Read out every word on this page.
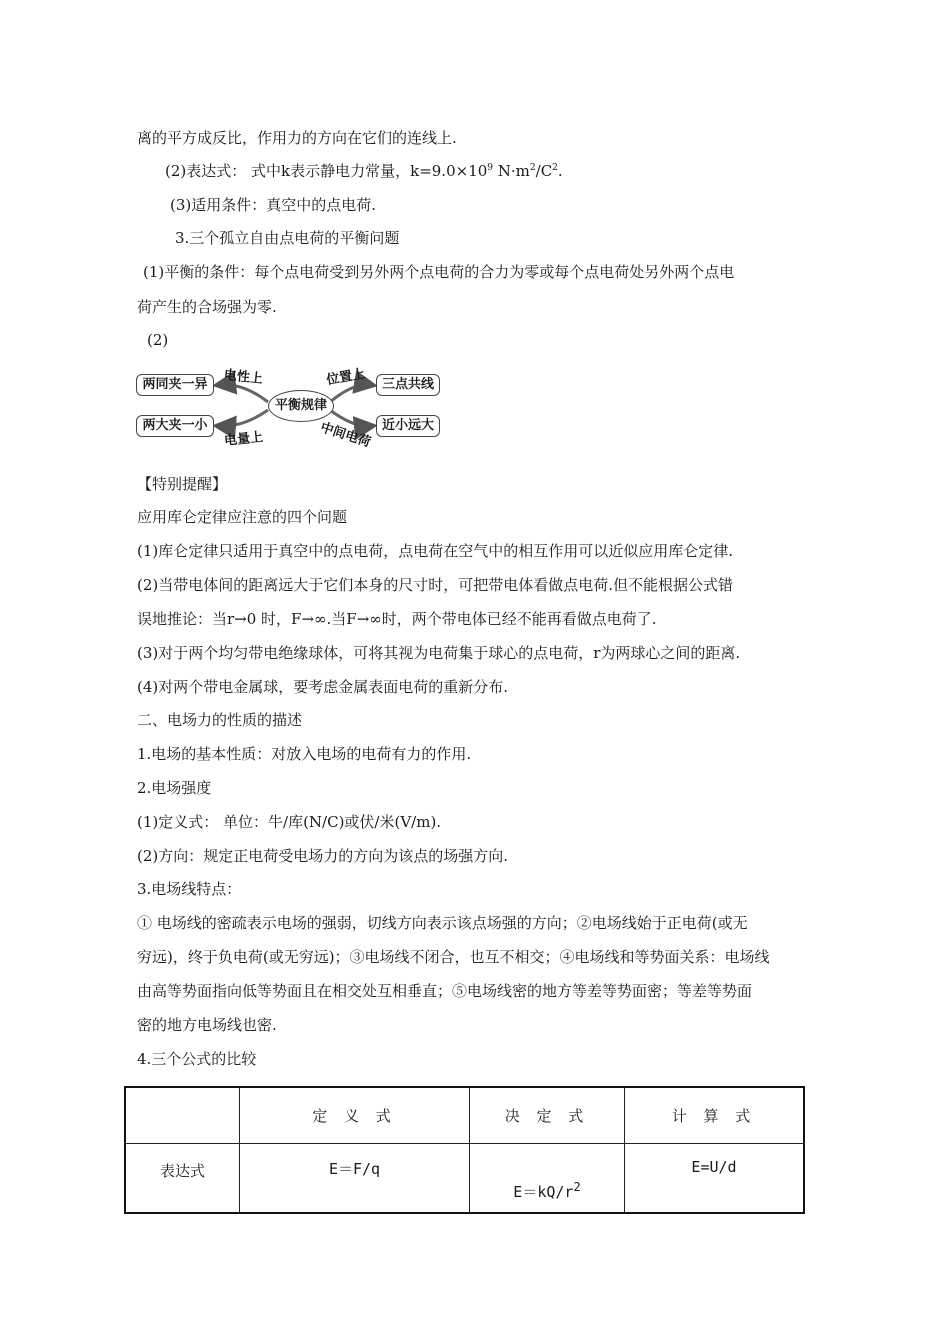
离的平方成反比，作用力的方向在它们的连线上.
(2)表达式： 式中k表示静电力常量，$k=9.0\times 10^9$ $N\cdot m^2/C^2$.
(3)适用条件：真空中的点电荷.
3.三个孤立自由点电荷的平衡问题
(1)平衡的条件：每个点电荷受到另外两个点电荷的合力为零或每个点电荷处另外两个点电
荷产生的合场强为零.
(2)
两同夹一异
两大夹一小
平衡规律
三点共线
近小远大
电性上
电量上
位置上
中间电荷
【特别提醒】
应用库仑定律应注意的四个问题
(1)库仑定律只适用于真空中的点电荷，点电荷在空气中的相互作用可以近似应用库仑定律.
(2)当带电体间的距离远大于它们本身的尺寸时，可把带电体看做点电荷.但不能根据公式错
误地推论：当r→0 时，F→∞.当F→∞时，两个带电体已经不能再看做点电荷了.
(3)对于两个均匀带电绝缘球体，可将其视为电荷集于球心的点电荷，r为两球心之间的距离.
(4)对两个带电金属球，要考虑金属表面电荷的重新分布.
二、电场力的性质的描述
1.电场的基本性质：对放入电场的电荷有力的作用.
2.电场强度
(1)定义式： 单位：牛/库(N/C)或伏/米(V/m).
(2)方向：规定正电荷受电场力的方向为该点的场强方向.
3.电场线特点：
① 电场线的密疏表示电场的强弱，切线方向表示该点场强的方向；②电场线始于正电荷(或无
穷远)，终于负电荷(或无穷远)；③电场线不闭合，也互不相交；④电场线和等势面关系：电场线
由高等势面指向低等势面且在相交处互相垂直；⑤电场线密的地方等差等势面密；等差等势面
密的地方电场线也密.
4.三个公式的比较
	定 义 式	决 定 式	计 算 式
表达式	E＝F/q	$E=kQ/r^2$	E=U/d
